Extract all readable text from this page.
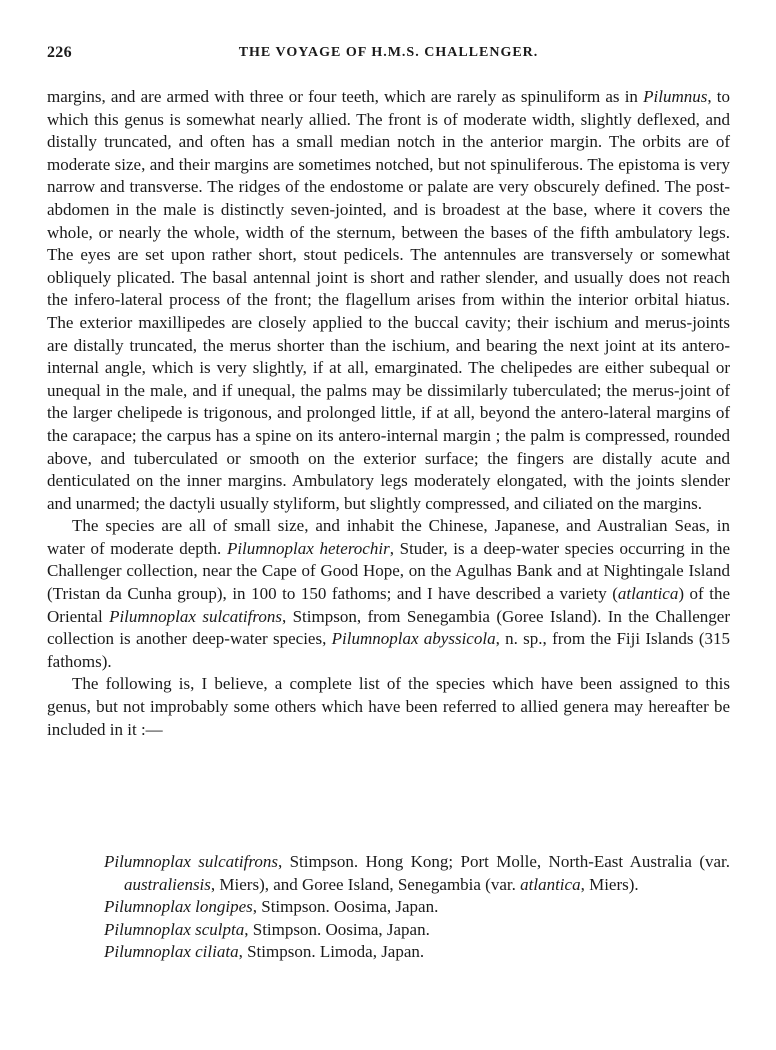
226	THE VOYAGE OF H.M.S. CHALLENGER.

margins, and are armed with three or four teeth, which are rarely as spinuliform as in Pilumnus, to which this genus is somewhat nearly allied. The front is of moderate width, slightly deflexed, and distally truncated, and often has a small median notch in the anterior margin. The orbits are of moderate size, and their margins are sometimes notched, but not spinuliferous. The epistoma is very narrow and transverse. The ridges of the endostome or palate are very obscurely defined. The post-abdomen in the male is distinctly seven-jointed, and is broadest at the base, where it covers the whole, or nearly the whole, width of the sternum, between the bases of the fifth ambulatory legs. The eyes are set upon rather short, stout pedicels. The antennules are transversely or somewhat obliquely plicated. The basal antennal joint is short and rather slender, and usually does not reach the infero-lateral process of the front; the flagellum arises from within the interior orbital hiatus. The exterior maxillipedes are closely applied to the buccal cavity; their ischium and merus-joints are distally truncated, the merus shorter than the ischium, and bearing the next joint at its antero-internal angle, which is very slightly, if at all, emarginated. The chelipedes are either subequal or unequal in the male, and if unequal, the palms may be dissimilarly tuberculated; the merus-joint of the larger chelipede is trigonous, and prolonged little, if at all, beyond the antero-lateral margins of the carapace; the carpus has a spine on its antero-internal margin ; the palm is compressed, rounded above, and tuberculated or smooth on the exterior surface; the fingers are distally acute and denticulated on the inner margins. Ambulatory legs moderately elongated, with the joints slender and unarmed; the dactyli usually styliform, but slightly compressed, and ciliated on the margins.

The species are all of small size, and inhabit the Chinese, Japanese, and Australian Seas, in water of moderate depth. Pilumnoplax heterochir, Studer, is a deep-water species occurring in the Challenger collection, near the Cape of Good Hope, on the Agulhas Bank and at Nightingale Island (Tristan da Cunha group), in 100 to 150 fathoms; and I have described a variety (atlantica) of the Oriental Pilumnoplax sulcatifrons, Stimpson, from Senegambia (Goree Island). In the Challenger collection is another deep-water species, Pilumnoplax abyssicola, n. sp., from the Fiji Islands (315 fathoms).

The following is, I believe, a complete list of the species which have been assigned to this genus, but not improbably some others which have been referred to allied genera may hereafter be included in it :—

Pilumnoplax sulcatifrons, Stimpson. Hong Kong; Port Molle, North-East Australia (var. australiensis, Miers), and Goree Island, Senegambia (var. atlantica, Miers).

Pilumnoplax longipes, Stimpson. Oosima, Japan.

Pilumnoplax sculpta, Stimpson. Oosima, Japan.

Pilumnoplax ciliata, Stimpson. Limoda, Japan.
